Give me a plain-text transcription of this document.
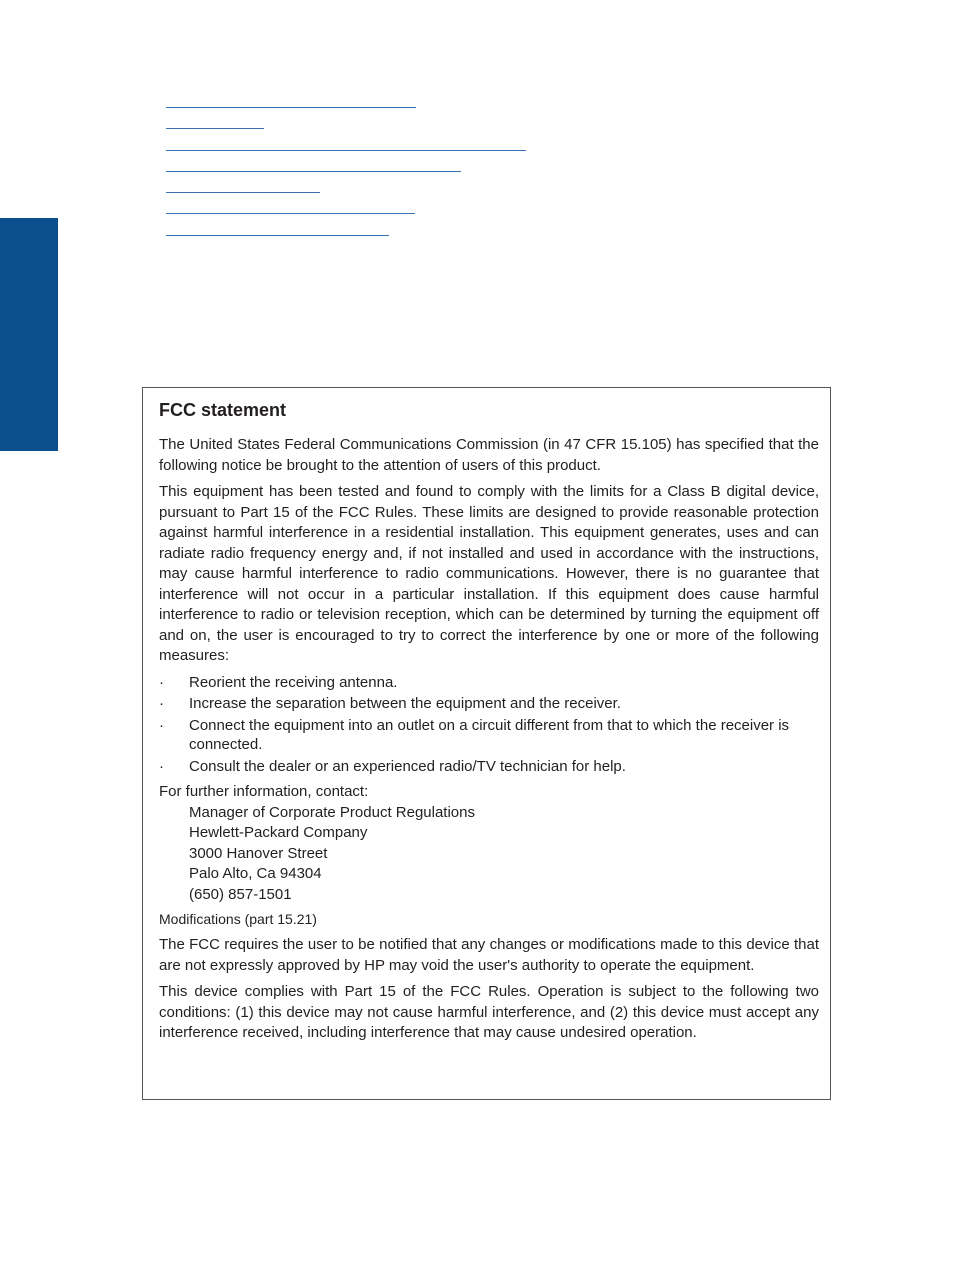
FCC statement

The United States Federal Communications Commission (in 47 CFR 15.105) has specified that the following notice be brought to the attention of users of this product.

This equipment has been tested and found to comply with the limits for a Class B digital device, pursuant to Part 15 of the FCC Rules. These limits are designed to provide reasonable protection against harmful interference in a residential installation. This equipment generates, uses and can radiate radio frequency energy and, if not installed and used in accordance with the instructions, may cause harmful interference to radio communications. However, there is no guarantee that interference will not occur in a particular installation. If this equipment does cause harmful interference to radio or television reception, which can be determined by turning the equipment off and on, the user is encouraged to try to correct the interference by one or more of the following measures:

· Reorient the receiving antenna.
· Increase the separation between the equipment and the receiver.
· Connect the equipment into an outlet on a circuit different from that to which the receiver is connected.
· Consult the dealer or an experienced radio/TV technician for help.

For further information, contact:

Manager of Corporate Product Regulations
Hewlett-Packard Company
3000 Hanover Street
Palo Alto, Ca 94304
(650) 857-1501
Modifications (part 15.21)

The FCC requires the user to be notified that any changes or modifications made to this device that are not expressly approved by HP may void the user's authority to operate the equipment.

This device complies with Part 15 of the FCC Rules. Operation is subject to the following two conditions: (1) this device may not cause harmful interference, and (2) this device must accept any interference received, including interference that may cause undesired operation.
